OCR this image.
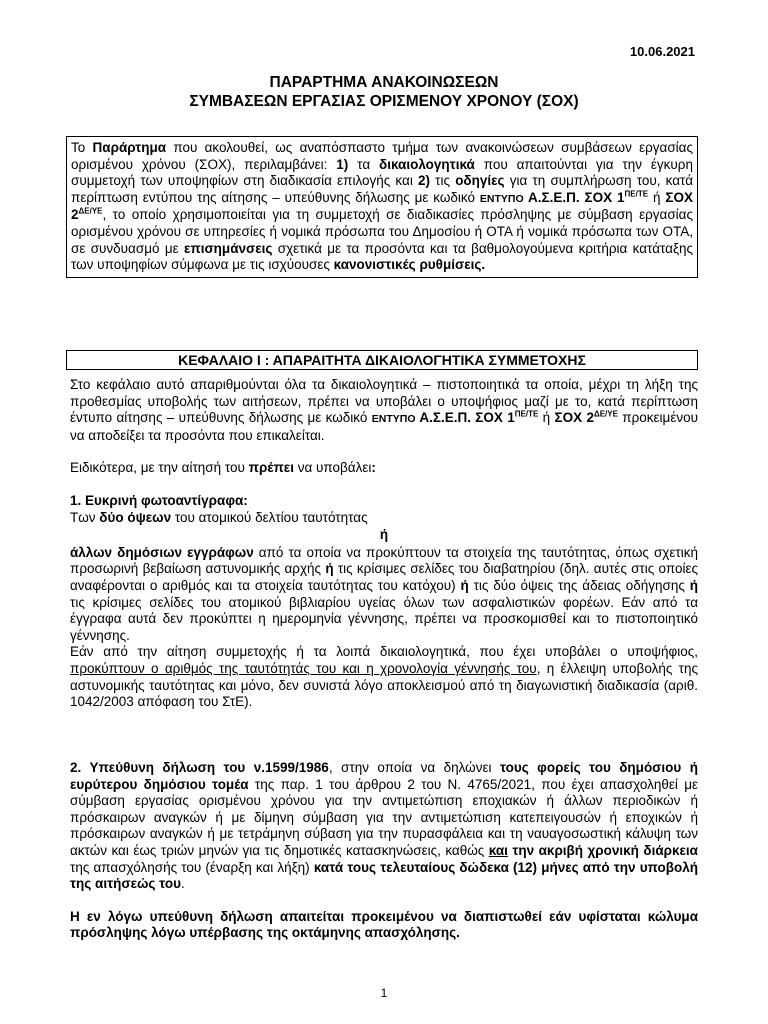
10.06.2021
ΠΑΡΑΡΤΗΜΑ ΑΝΑΚΟΙΝΩΣΕΩΝ
ΣΥΜΒΑΣΕΩΝ ΕΡΓΑΣΙΑΣ ΟΡΙΣΜΕΝΟΥ ΧΡΟΝΟΥ (ΣΟΧ)

Το Παράρτημα που ακολουθεί, ως αναπόσπαστο τμήμα των ανακοινώσεων συμβάσεων εργασίας ορισμένου χρόνου (ΣΟΧ), περιλαμβάνει: 1) τα δικαιολογητικά που απαιτούνται για την έγκυρη συμμετοχή των υποψηφίων στη διαδικασία επιλογής και 2) τις οδηγίες για τη συμπλήρωση του, κατά περίπτωση εντύπου της αίτησης – υπεύθυνης δήλωσης με κωδικό ΕΝΤΥΠΟ Α.Σ.Ε.Π. ΣΟΧ $1^{\Pi E/TE}$ ή ΣΟΧ $2^{\Delta E/\Upsilon E}$, το οποίο χρησιμοποιείται για τη συμμετοχή σε διαδικασίες πρόσληψης με σύμβαση εργασίας ορισμένου χρόνου σε υπηρεσίες ή νομικά πρόσωπα του Δημοσίου ή ΟΤΑ ή νομικά πρόσωπα των ΟΤΑ, σε συνδυασμό με επισημάνσεις σχετικά με τα προσόντα και τα βαθμολογούμενα κριτήρια κατάταξης των υποψηφίων σύμφωνα με τις ισχύουσες κανονιστικές ρυθμίσεις.

ΚΕΦΑΛΑΙΟ Ι : ΑΠΑΡΑΙΤΗΤΑ ΔΙΚΑΙΟΛΟΓΗΤΙΚΑ ΣΥΜΜΕΤΟΧΗΣ

Στο κεφάλαιο αυτό απαριθμούνται όλα τα δικαιολογητικά – πιστοποιητικά τα οποία, μέχρι τη λήξη της προθεσμίας υποβολής των αιτήσεων, πρέπει να υποβάλει ο υποψήφιος μαζί με το, κατά περίπτωση έντυπο αίτησης – υπεύθυνης δήλωσης με κωδικό ΕΝΤΥΠΟ Α.Σ.Ε.Π. ΣΟΧ $1^{\Pi E/TE}$ ή ΣΟΧ $2^{\Delta E/\Upsilon E}$ προκειμένου να αποδείξει τα προσόντα που επικαλείται.

Ειδικότερα, με την αίτησή του πρέπει να υποβάλει:

1. Ευκρινή φωτοαντίγραφα:

Των δύο όψεων του ατομικού δελτίου ταυτότητας

ή

άλλων δημόσιων εγγράφων από τα οποία να προκύπτουν τα στοιχεία της ταυτότητας, όπως σχετική προσωρινή βεβαίωση αστυνομικής αρχής ή τις κρίσιμες σελίδες του διαβατηρίου (δηλ. αυτές στις οποίες αναφέρονται ο αριθμός και τα στοιχεία ταυτότητας του κατόχου) ή τις δύο όψεις της άδειας οδήγησης ή τις κρίσιμες σελίδες του ατομικού βιβλιαρίου υγείας όλων των ασφαλιστικών φορέων. Εάν από τα έγγραφα αυτά δεν προκύπτει η ημερομηνία γέννησης, πρέπει να προσκομισθεί και το πιστοποιητικό γέννησης.

Εάν από την αίτηση συμμετοχής ή τα λοιπά δικαιολογητικά, που έχει υποβάλει ο υποψήφιος, προκύπτουν ο αριθμός της ταυτότητάς του και η χρονολογία γέννησής του, η έλλειψη υποβολής της αστυνομικής ταυτότητας και μόνο, δεν συνιστά λόγο αποκλεισμού από τη διαγωνιστική διαδικασία (αριθ. 1042/2003 απόφαση του ΣτΕ).

2. Υπεύθυνη δήλωση του ν.1599/1986, στην οποία να δηλώνει τους φορείς του δημόσιου ή ευρύτερου δημόσιου τομέα της παρ. 1 του άρθρου 2 του Ν. 4765/2021, που έχει απασχοληθεί με σύμβαση εργασίας ορισμένου χρόνου για την αντιμετώπιση εποχιακών ή άλλων περιοδικών ή πρόσκαιρων αναγκών ή με δίμηνη σύμβαση για την αντιμετώπιση κατεπειγουσών ή εποχικών ή πρόσκαιρων αναγκών ή με τετράμηνη σύβαση για την πυρασφάλεια και τη ναυαγοσωστική κάλυψη των ακτών και έως τριών μηνών για τις δημοτικές κατασκηνώσεις, καθώς και την ακριβή χρονική διάρκεια της απασχόλησής του (έναρξη και λήξη) κατά τους τελευταίους δώδεκα (12) μήνες από την υποβολή της αιτήσεώς του.

Η εν λόγω υπεύθυνη δήλωση απαιτείται προκειμένου να διαπιστωθεί εάν υφίσταται κώλυμα πρόσληψης λόγω υπέρβασης της οκτάμηνης απασχόλησης.

1
